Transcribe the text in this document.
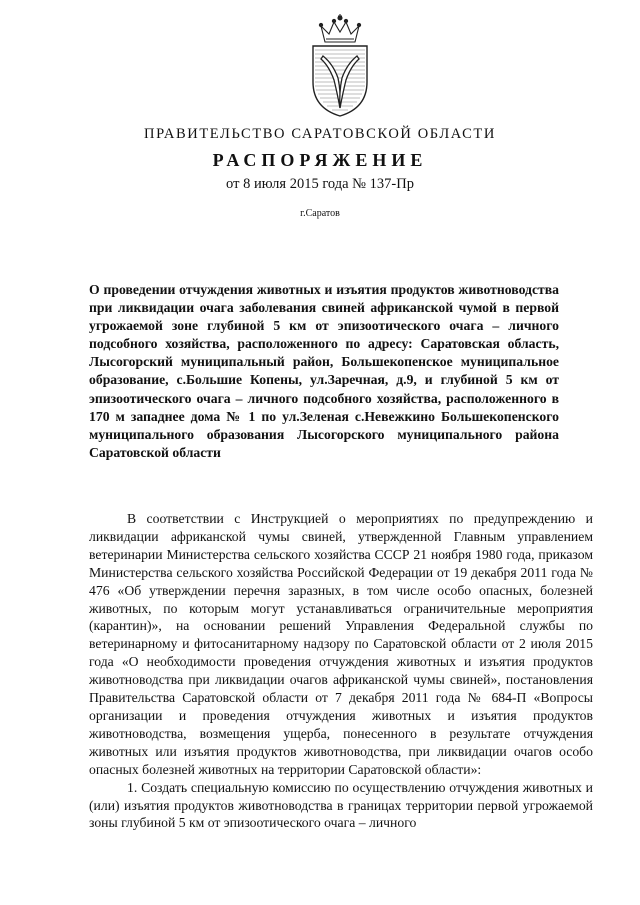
ПРАВИТЕЛЬСТВО САРАТОВСКОЙ ОБЛАСТИ
РАСПОРЯЖЕНИЕ
от 8 июля 2015 года № 137-Пр
г.Саратов
О проведении отчуждения животных и изъятия продуктов животноводства при ликвидации очага заболевания свиней африканской чумой в первой угрожаемой зоне глубиной 5 км от эпизоотического очага – личного подсобного хозяйства, расположенного по адресу: Саратовская область, Лысогорский муниципальный район, Большекопенское муниципальное образование, с.Большие Копены, ул.Заречная, д.9, и глубиной 5 км от эпизоотического очага – личного подсобного хозяйства, расположенного в 170 м западнее дома № 1 по ул.Зеленая с.Невежкино Большекопенского муниципального образования Лысогорского муниципального района Саратовской области

В соответствии с Инструкцией о мероприятиях по предупреждению и ликвидации африканской чумы свиней, утвержденной Главным управлением ветеринарии Министерства сельского хозяйства СССР 21 ноября 1980 года, приказом Министерства сельского хозяйства Российской Федерации от 19 декабря 2011 года № 476 «Об утверждении перечня заразных, в том числе особо опасных, болезней животных, по которым могут устанавливаться ограничительные мероприятия (карантин)», на основании решений Управления Федеральной службы по ветеринарному и фитосанитарному надзору по Саратовской области от 2 июля 2015 года «О необходимости проведения отчуждения животных и изъятия продуктов животноводства при ликвидации очагов африканской чумы свиней», постановления Правительства Саратовской области от 7 декабря 2011 года № 684-П «Вопросы организации и проведения отчуждения животных и изъятия продуктов животноводства, возмещения ущерба, понесенного в результате отчуждения животных или изъятия продуктов животноводства, при ликвидации очагов особо опасных болезней животных на территории Саратовской области»:

1. Создать специальную комиссию по осуществлению отчуждения животных и (или) изъятия продуктов животноводства в границах территории первой угрожаемой зоны глубиной 5 км от эпизоотического очага – личного
